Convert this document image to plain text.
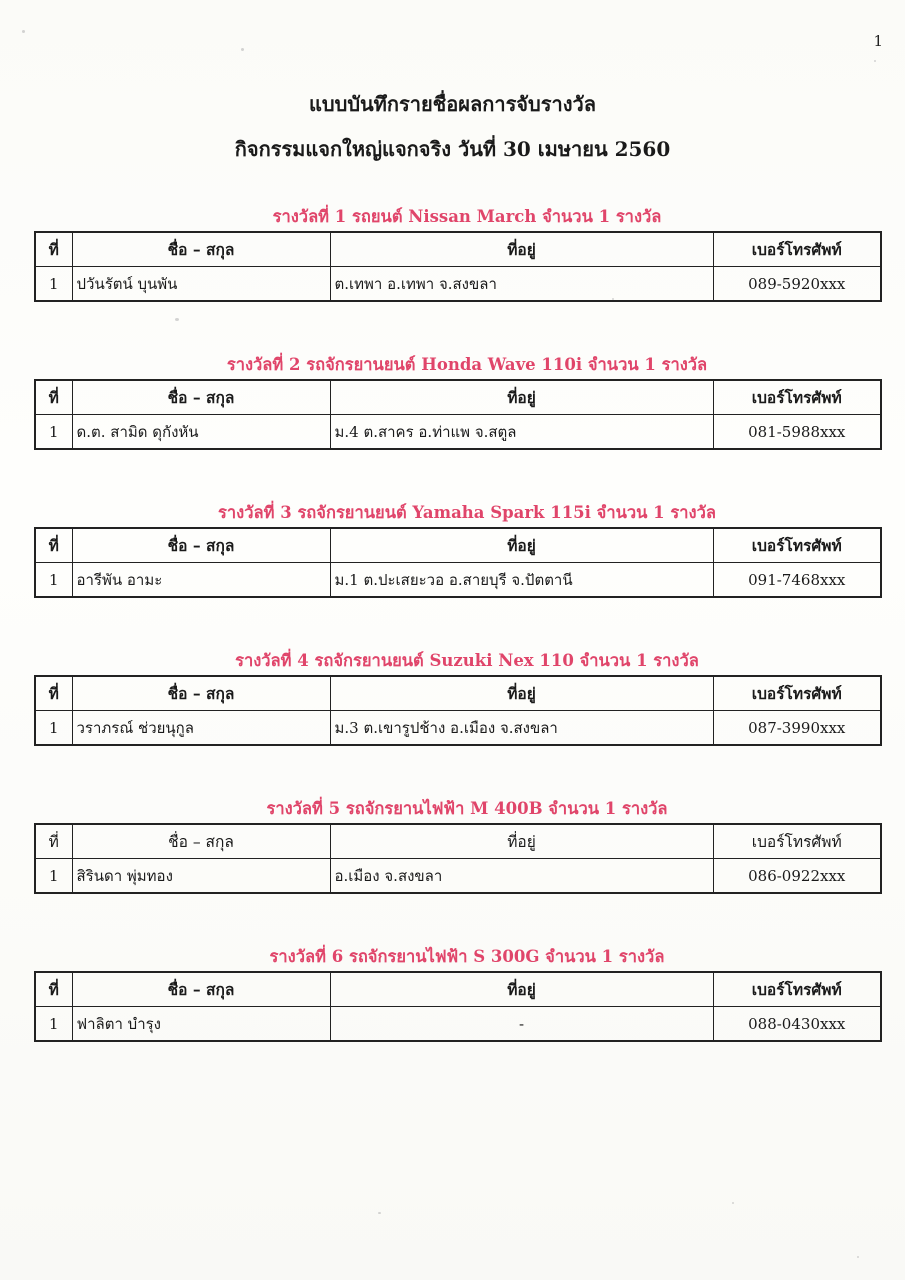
1
แบบบันทึกรายชื่อผลการจับรางวัล
กิจกรรมแจกใหญ่แจกจริง วันที่ 30 เมษายน 2560
รางวัลที่ 1 รถยนต์ Nissan March จำนวน 1 รางวัล
ที่	ชื่อ – สกุล	ที่อยู่	เบอร์โทรศัพท์
1	ปวันรัตน์ บุนพัน	ต.เทพา อ.เทพา จ.สงขลา	089-5920xxx
รางวัลที่ 2 รถจักรยานยนต์ Honda Wave 110i จำนวน 1 รางวัล
ที่	ชื่อ – สกุล	ที่อยู่	เบอร์โทรศัพท์
1	ด.ต. สามิด ดุกังหัน	ม.4 ต.สาคร อ.ท่าแพ จ.สตูล	081-5988xxx
รางวัลที่ 3 รถจักรยานยนต์ Yamaha Spark 115i จำนวน 1 รางวัล
ที่	ชื่อ – สกุล	ที่อยู่	เบอร์โทรศัพท์
1	อารีพัน อามะ	ม.1 ต.ปะเสยะวอ อ.สายบุรี จ.ปัตตานี	091-7468xxx
รางวัลที่ 4 รถจักรยานยนต์ Suzuki Nex 110 จำนวน 1 รางวัล
ที่	ชื่อ – สกุล	ที่อยู่	เบอร์โทรศัพท์
1	วราภรณ์ ช่วยนุกูล	ม.3 ต.เขารูปช้าง อ.เมือง จ.สงขลา	087-3990xxx
รางวัลที่ 5 รถจักรยานไฟฟ้า M 400B จำนวน 1 รางวัล
ที่	ชื่อ – สกุล	ที่อยู่	เบอร์โทรศัพท์
1	สิรินดา พุ่มทอง	อ.เมือง จ.สงขลา	086-0922xxx
รางวัลที่ 6 รถจักรยานไฟฟ้า S 300G จำนวน 1 รางวัล
ที่	ชื่อ – สกุล	ที่อยู่	เบอร์โทรศัพท์
1	ฟาลิตา บำรุง	-	088-0430xxx
